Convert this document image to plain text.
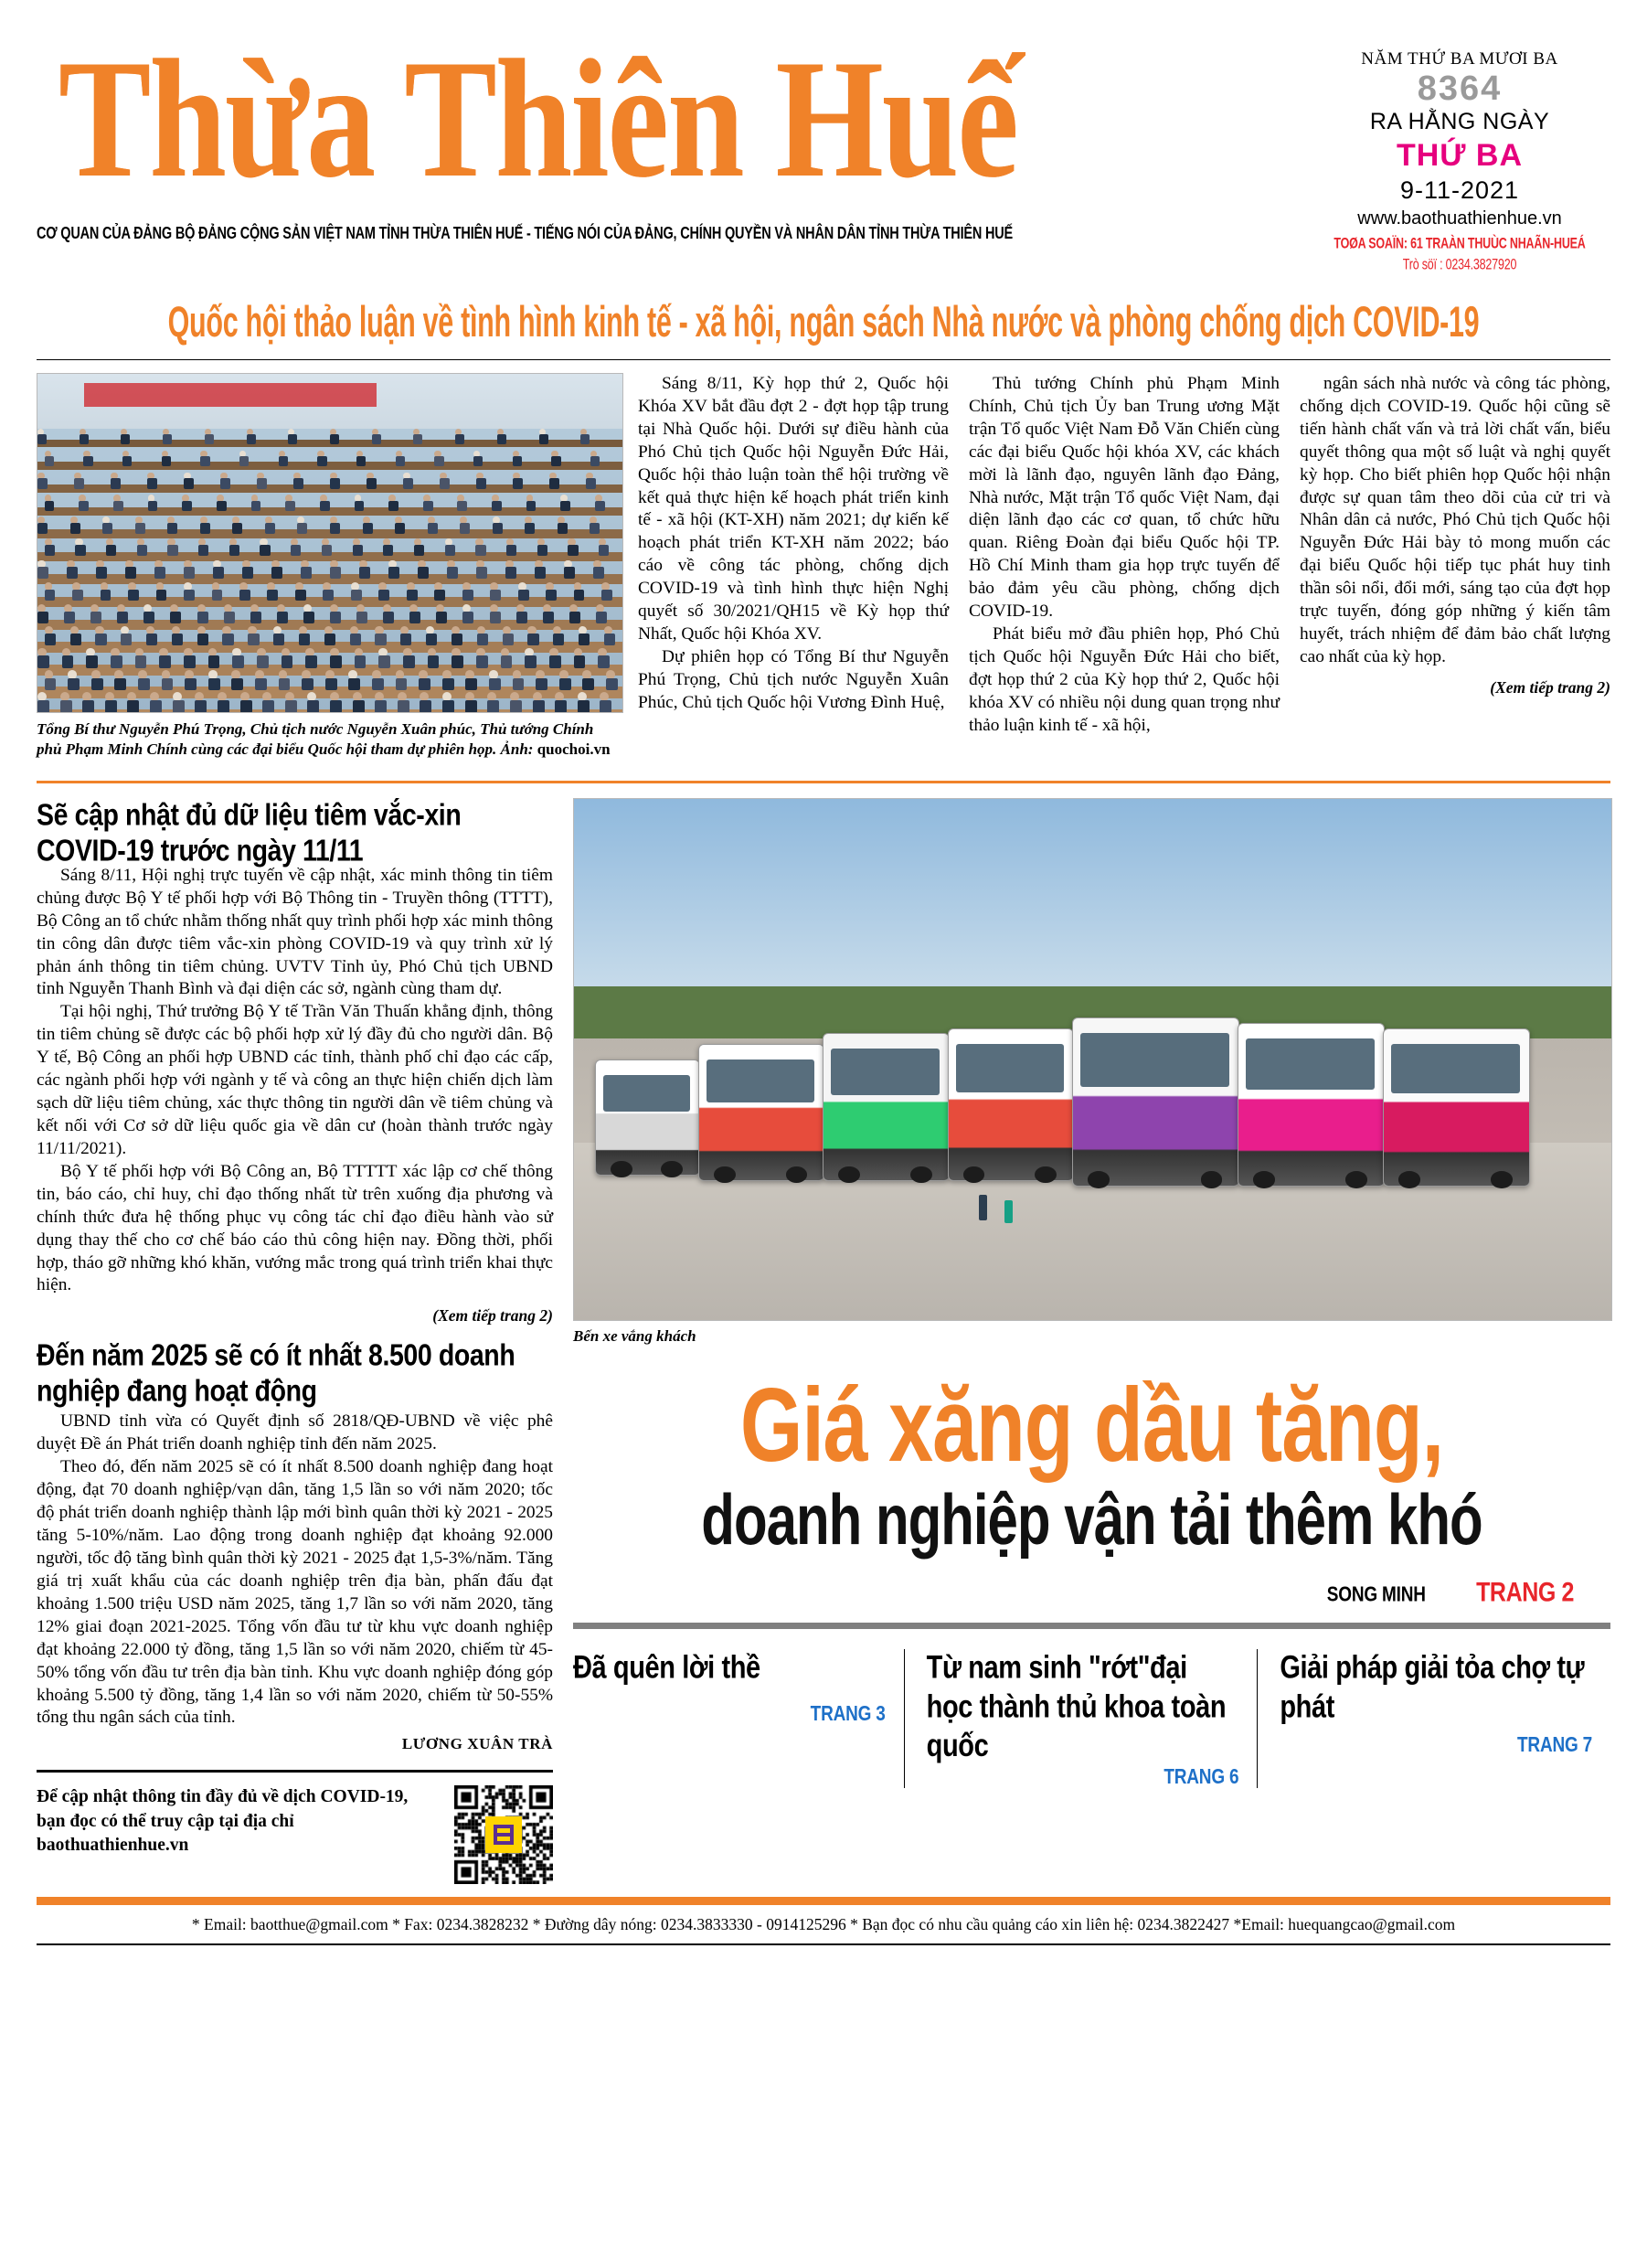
Thừa Thiên Huế
CƠ QUAN CỦA ĐẢNG BỘ ĐẢNG CỘNG SẢN VIỆT NAM TỈNH THỪA THIÊN HUẾ - TIẾNG NÓI CỦA ĐẢNG, CHÍNH QUYỀN VÀ NHÂN DÂN TỈNH THỪA THIÊN HUẾ
NĂM THỨ BA MƯƠI BA
8364
RA HẰNG NGÀY
THỨ BA
9-11-2021
www.baothuathienhue.vn
TOØA SOAÏN: 61 TRAÀN THUÙC NHAÃN-HUEÁ
Trò söï : 0234.3827920
Quốc hội thảo luận về tình hình kinh tế - xã hội, ngân sách Nhà nước và phòng chống dịch COVID-19
Tổng Bí thư Nguyễn Phú Trọng, Chủ tịch nước Nguyễn Xuân phúc, Thủ tướng Chính phủ Phạm Minh Chính cùng các đại biểu Quốc hội tham dự phiên họp. Ảnh: quochoi.vn

Sáng 8/11, Kỳ họp thứ 2, Quốc hội Khóa XV bắt đầu đợt 2 - đợt họp tập trung tại Nhà Quốc hội. Dưới sự điều hành của Phó Chủ tịch Quốc hội Nguyễn Đức Hải, Quốc hội thảo luận toàn thể hội trường về kết quả thực hiện kế hoạch phát triển kinh tế - xã hội (KT-XH) năm 2021; dự kiến kế hoạch phát triển KT-XH năm 2022; báo cáo về công tác phòng, chống dịch COVID-19 và tình hình thực hiện Nghị quyết số 30/2021/QH15 về Kỳ họp thứ Nhất, Quốc hội Khóa XV.

Dự phiên họp có Tổng Bí thư Nguyễn Phú Trọng, Chủ tịch nước Nguyễn Xuân Phúc, Chủ tịch Quốc hội Vương Đình Huệ,

Thủ tướng Chính phủ Phạm Minh Chính, Chủ tịch Ủy ban Trung ương Mặt trận Tổ quốc Việt Nam Đỗ Văn Chiến cùng các đại biểu Quốc hội khóa XV, các khách mời là lãnh đạo, nguyên lãnh đạo Đảng, Nhà nước, Mặt trận Tổ quốc Việt Nam, đại diện lãnh đạo các cơ quan, tổ chức hữu quan. Riêng Đoàn đại biểu Quốc hội TP. Hồ Chí Minh tham gia họp trực tuyến để bảo đảm yêu cầu phòng, chống dịch COVID-19.

Phát biểu mở đầu phiên họp, Phó Chủ tịch Quốc hội Nguyễn Đức Hải cho biết, đợt họp thứ 2 của Kỳ họp thứ 2, Quốc hội khóa XV có nhiều nội dung quan trọng như thảo luận kinh tế - xã hội,

ngân sách nhà nước và công tác phòng, chống dịch COVID-19. Quốc hội cũng sẽ tiến hành chất vấn và trả lời chất vấn, biểu quyết thông qua một số luật và nghị quyết kỳ họp. Cho biết phiên họp Quốc hội nhận được sự quan tâm theo dõi của cử tri và Nhân dân cả nước, Phó Chủ tịch Quốc hội Nguyễn Đức Hải bày tỏ mong muốn các đại biểu Quốc hội tiếp tục phát huy tinh thần sôi nổi, đổi mới, sáng tạo của đợt họp trực tuyến, đóng góp những ý kiến tâm huyết, trách nhiệm để đảm bảo chất lượng cao nhất của kỳ họp.

(Xem tiếp trang 2)
Sẽ cập nhật đủ dữ liệu tiêm vắc-xin COVID-19 trước ngày 11/11

Sáng 8/11, Hội nghị trực tuyến về cập nhật, xác minh thông tin tiêm chủng được Bộ Y tế phối hợp với Bộ Thông tin - Truyền thông (TTTT), Bộ Công an tổ chức nhằm thống nhất quy trình phối hợp xác minh thông tin công dân được tiêm vắc-xin phòng COVID-19 và quy trình xử lý phản ánh thông tin tiêm chủng. UVTV Tỉnh ủy, Phó Chủ tịch UBND tỉnh Nguyễn Thanh Bình và đại diện các sở, ngành cùng tham dự.

Tại hội nghị, Thứ trưởng Bộ Y tế Trần Văn Thuấn khẳng định, thông tin tiêm chủng sẽ được các bộ phối hợp xử lý đầy đủ cho người dân. Bộ Y tế, Bộ Công an phối hợp UBND các tỉnh, thành phố chỉ đạo các cấp, các ngành phối hợp với ngành y tế và công an thực hiện chiến dịch làm sạch dữ liệu tiêm chủng, xác thực thông tin người dân về tiêm chủng và kết nối với Cơ sở dữ liệu quốc gia về dân cư (hoàn thành trước ngày 11/11/2021).

Bộ Y tế phối hợp với Bộ Công an, Bộ TTTTT xác lập cơ chế thông tin, báo cáo, chỉ huy, chỉ đạo thống nhất từ trên xuống địa phương và chính thức đưa hệ thống phục vụ công tác chỉ đạo điều hành vào sử dụng thay thế cho cơ chế báo cáo thủ công hiện nay. Đồng thời, phối hợp, tháo gỡ những khó khăn, vướng mắc trong quá trình triển khai thực hiện.

(Xem tiếp trang 2)
Đến năm 2025 sẽ có ít nhất 8.500 doanh nghiệp đang hoạt động

UBND tỉnh vừa có Quyết định số 2818/QĐ-UBND về việc phê duyệt Đề án Phát triển doanh nghiệp tỉnh đến năm 2025.

Theo đó, đến năm 2025 sẽ có ít nhất 8.500 doanh nghiệp đang hoạt động, đạt 70 doanh nghiệp/vạn dân, tăng 1,5 lần so với năm 2020; tốc độ phát triển doanh nghiệp thành lập mới bình quân thời kỳ 2021 - 2025 tăng 5-10%/năm. Lao động trong doanh nghiệp đạt khoảng 92.000 người, tốc độ tăng bình quân thời kỳ 2021 - 2025 đạt 1,5-3%/năm. Tăng giá trị xuất khẩu của các doanh nghiệp trên địa bàn, phấn đấu đạt khoảng 1.500 triệu USD năm 2025, tăng 1,7 lần so với năm 2020, tăng 12% giai đoạn 2021-2025. Tổng vốn đầu tư từ khu vực doanh nghiệp đạt khoảng 22.000 tỷ đồng, tăng 1,5 lần so với năm 2020, chiếm từ 45-50% tổng vốn đầu tư trên địa bàn tỉnh. Khu vực doanh nghiệp đóng góp khoảng 5.500 tỷ đồng, tăng 1,4 lần so với năm 2020, chiếm từ 50-55% tổng thu ngân sách của tỉnh.

LƯƠNG XUÂN TRÀ
Để cập nhật thông tin đầy đủ về dịch COVID-19, bạn đọc có thể truy cập tại địa chỉ baothuathienhue.vn
Bến xe vắng khách
Giá xăng dầu tăng,
doanh nghiệp vận tải thêm khó
SONG MINH TRANG 2
Đã quên lời thề
TRANG 3
Từ nam sinh "rớt"đại học thành thủ khoa toàn quốc
TRANG 6
Giải pháp giải tỏa chợ tự phát
TRANG 7
* Email: baotthue@gmail.com * Fax: 0234.3828232 * Đường dây nóng: 0234.3833330 - 0914125296 * Bạn đọc có nhu cầu quảng cáo xin liên hệ: 0234.3822427 *Email: huequangcao@gmail.com
